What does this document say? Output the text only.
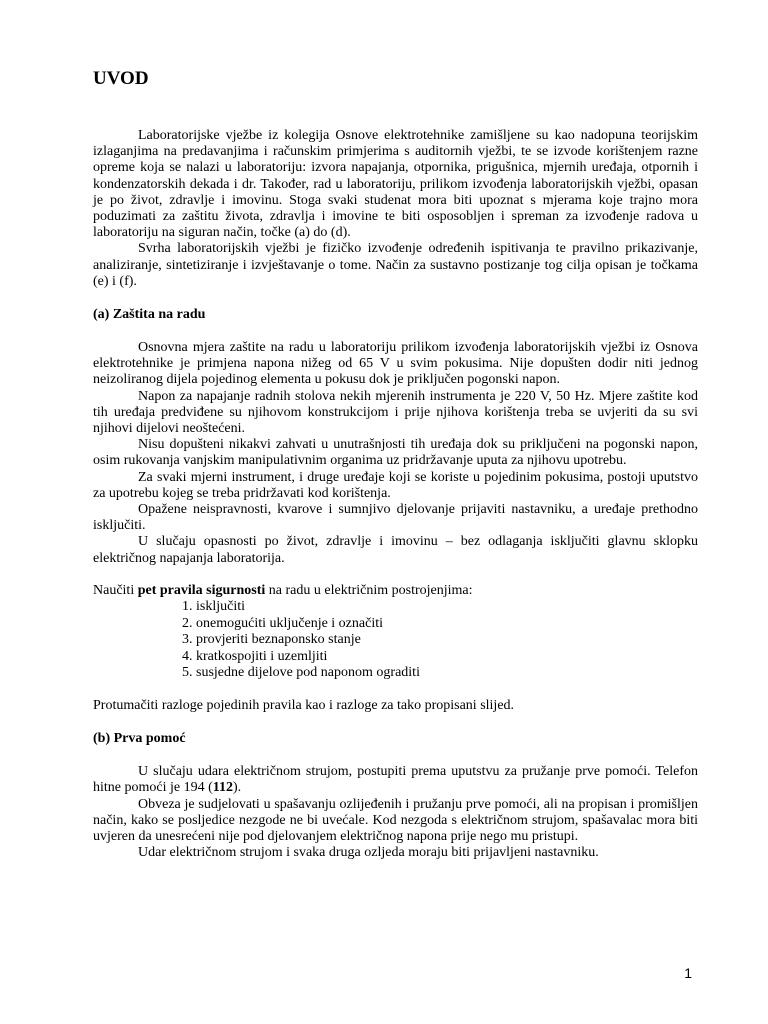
UVOD

Laboratorijske vježbe iz kolegija Osnove elektrotehnike zamišljene su kao nadopuna teorijskim izlaganjima na predavanjima i računskim primjerima s auditornih vježbi, te se izvode korištenjem razne opreme koja se nalazi u laboratoriju: izvora napajanja, otpornika, prigušnica, mjernih uređaja, otpornih i kondenzatorskih dekada i dr. Također, rad u laboratoriju, prilikom izvođenja laboratorijskih vježbi, opasan je po život, zdravlje i imovinu. Stoga svaki studenat mora biti upoznat s mjerama koje trajno mora poduzimati za zaštitu života, zdravlja i imovine te biti osposobljen i spreman za izvođenje radova u laboratoriju na siguran način, točke (a) do (d).

Svrha laboratorijskih vježbi je fizičko izvođenje određenih ispitivanja te pravilno prikazivanje, analiziranje, sintetiziranje i izvještavanje o tome. Način za sustavno postizanje tog cilja opisan je točkama (e) i (f).

(a) Zaštita na radu

Osnovna mjera zaštite na radu u laboratoriju prilikom izvođenja laboratorijskih vježbi iz Osnova elektrotehnike je primjena napona nižeg od 65 V u svim pokusima. Nije dopušten dodir niti jednog neizoliranog dijela pojedinog elementa u pokusu dok je priključen pogonski napon.

Napon za napajanje radnih stolova nekih mjerenih instrumenta je 220 V, 50 Hz. Mjere zaštite kod tih uređaja predviđene su njihovom konstrukcijom i prije njihova korištenja treba se uvjeriti da su svi njihovi dijelovi neoštećeni.

Nisu dopušteni nikakvi zahvati u unutrašnjosti tih uređaja dok su priključeni na pogonski napon, osim rukovanja vanjskim manipulativnim organima uz pridržavanje uputa za njihovu upotrebu.

Za svaki mjerni instrument, i druge uređaje koji se koriste u pojedinim pokusima, postoji uputstvo za upotrebu kojeg se treba pridržavati kod korištenja.

Opažene neispravnosti, kvarove i sumnjivo djelovanje prijaviti nastavniku, a uređaje prethodno isključiti.

U slučaju opasnosti po život, zdravlje i imovinu – bez odlaganja isključiti glavnu sklopku električnog napajanja laboratorija.

Naučiti pet pravila sigurnosti na radu u električnim postrojenjima:

1. isključiti
2. onemogućiti uključenje i označiti
3. provjeriti beznaponsko stanje
4. kratkospojiti i uzemljiti
5. susjedne dijelove pod naponom ograditi

Protumačiti razloge pojedinih pravila kao i razloge za tako propisani slijed.

(b) Prva pomoć

U slučaju udara električnom strujom, postupiti prema uputstvu za pružanje prve pomoći. Telefon hitne pomoći je 194 (112).

Obveza je sudjelovati u spašavanju ozlijeđenih i pružanju prve pomoći, ali na propisan i promišljen način, kako se posljedice nezgode ne bi uvećale. Kod nezgoda s električnom strujom, spašavalac mora biti uvjeren da unesrećeni nije pod djelovanjem električnog napona prije nego mu pristupi.

Udar električnom strujom i svaka druga ozljeda moraju biti prijavljeni nastavniku.

1
